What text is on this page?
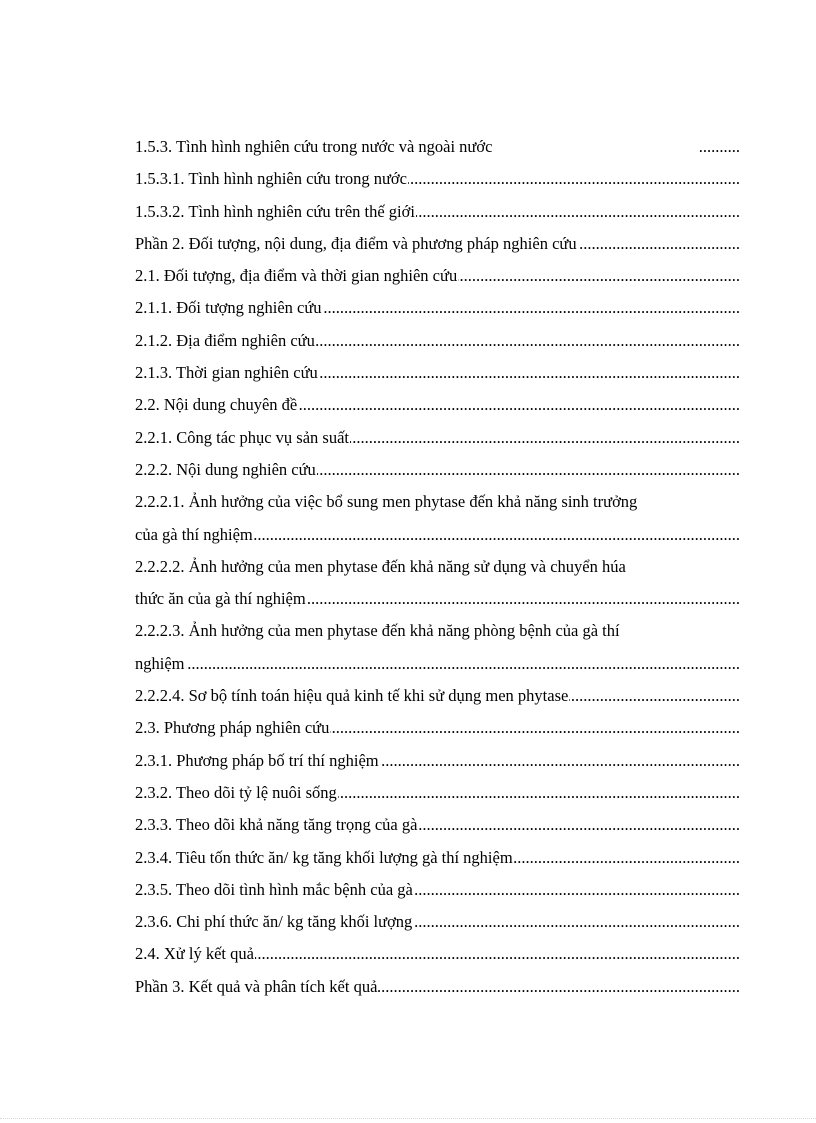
1.5.3. Tình hình nghiên cứu trong nước và ngoài nước .....
1.5.3.1. Tình hình nghiên cứu trong nước .....
1.5.3.2. Tình hình nghiên cứu trên thế giới .....
Phần 2. Đối tượng, nội dung, địa điểm và phương pháp nghiên cứu .....
2.1. Đối tượng, địa điểm và thời gian nghiên cứu .....
2.1.1. Đối tượng nghiên cứu .....
2.1.2. Địa điểm nghiên cứu .....
2.1.3. Thời gian nghiên cứu .....
2.2. Nội dung chuyên đề .....
2.2.1. Công tác phục vụ sản suất .....
2.2.2. Nội dung nghiên cứu .....
2.2.2.1. Ảnh hưởng của việc bổ sung men phytase đến khả năng sinh trưởng
của gà thí nghiệm .....
2.2.2.2. Ảnh hưởng của men phytase đến khả năng sử dụng và chuyển húa
thức ăn của gà thí nghiệm .....
2.2.2.3. Ảnh hưởng của men phytase đến khả năng phòng bệnh của gà thí
nghiệm .....
2.2.2.4. Sơ bộ tính toán hiệu quả kinh tế khi sử dụng men phytase .....
2.3. Phương pháp nghiên cứu .....
2.3.1. Phương pháp bố trí thí nghiệm .....
2.3.2. Theo dõi tỷ lệ nuôi sống .....
2.3.3. Theo dõi khả năng tăng trọng của gà .....
2.3.4. Tiêu tốn thức ăn/ kg tăng khối lượng gà thí nghiệm .....
2.3.5. Theo dõi tình hình mắc bệnh của gà .....
2.3.6. Chi phí thức ăn/ kg tăng khối lượng .....
2.4. Xử lý kết quả .....
Phần 3. Kết quả và phân tích kết quả .....
